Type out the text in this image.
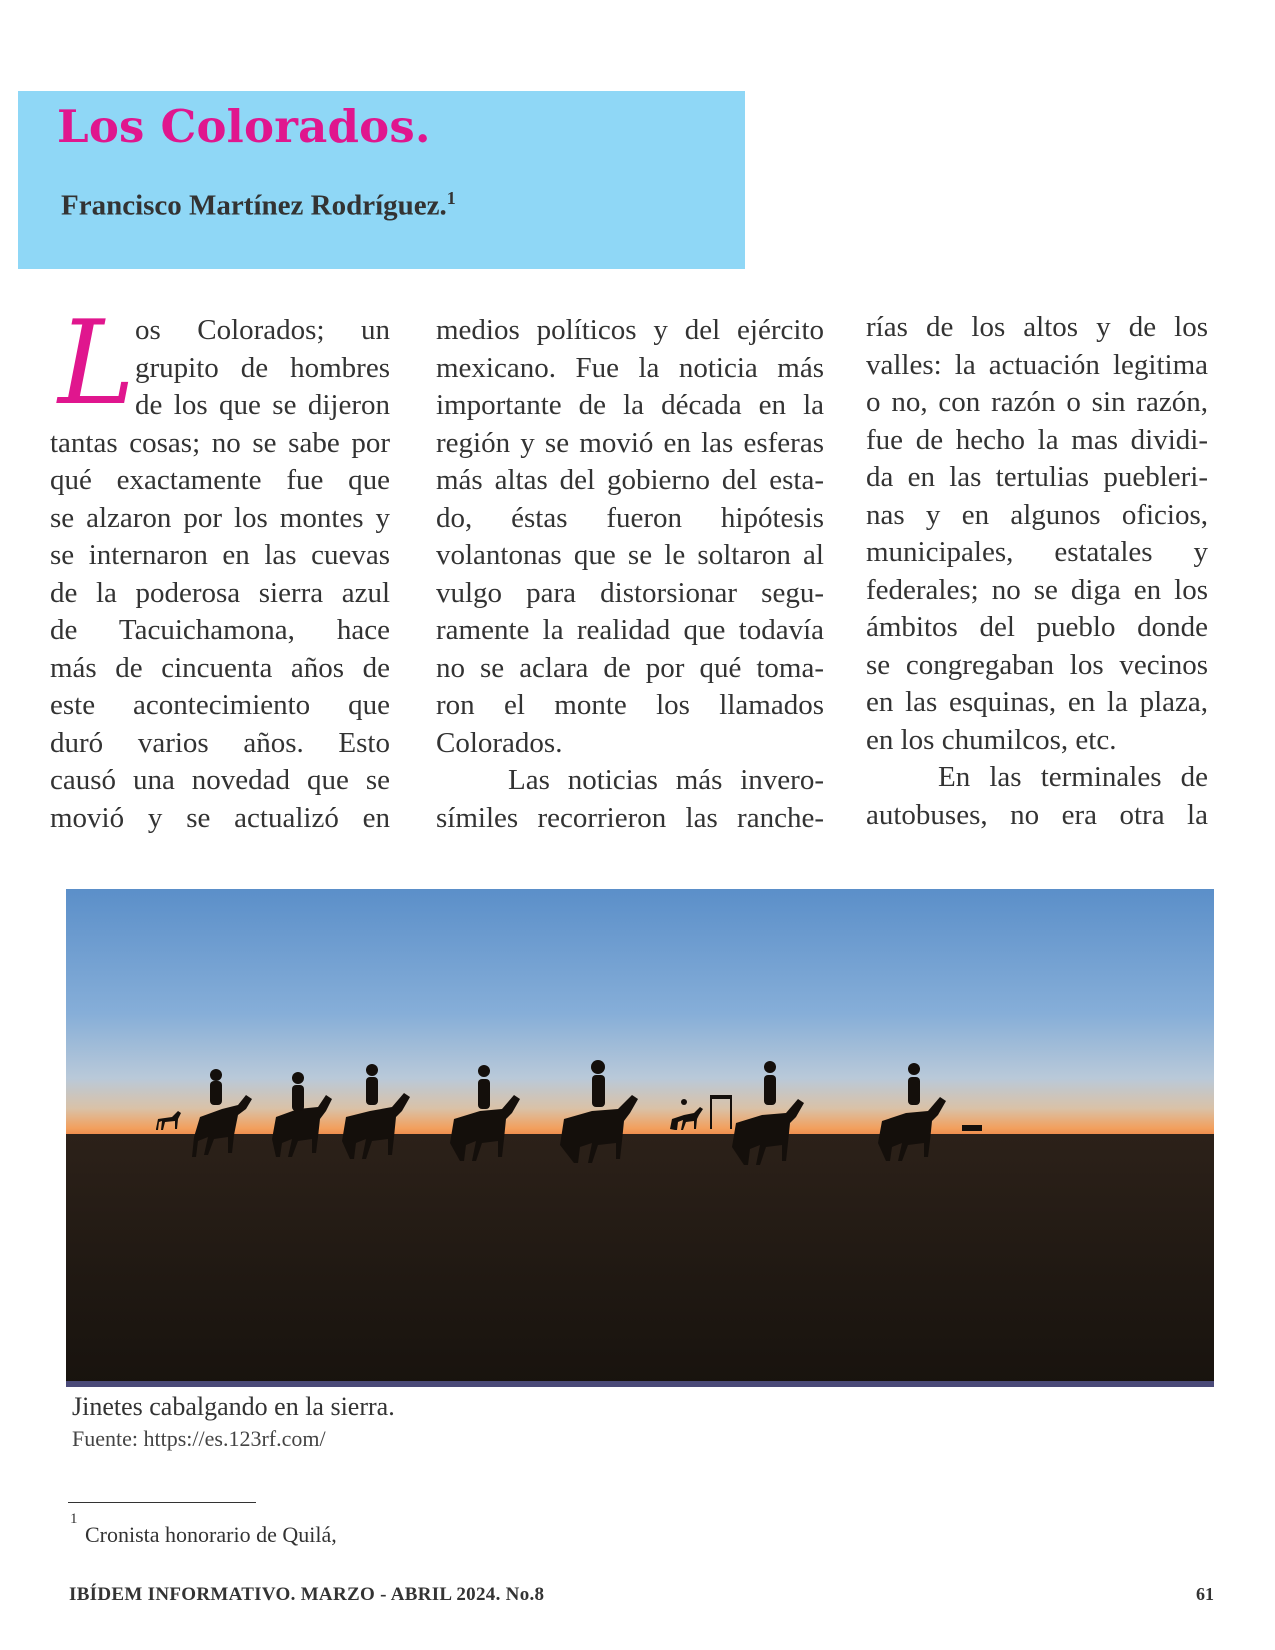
Los Colorados.

Francisco Martínez Rodríguez.$^1$

L os Colorados; un
grupito de hombres
de los que se dijeron
tantas cosas; no se sabe por
qué exactamente fue que
se alzaron por los montes y
se internaron en las cuevas
de la poderosa sierra azul
de Tacuichamona, hace
más de cincuenta años de
este acontecimiento que
duró varios años. Esto
causó una novedad que se
movió y se actualizó en
medios políticos y del ejército
mexicano. Fue la noticia más
importante de la década en la
región y se movió en las esferas
más altas del gobierno del esta-
do, éstas fueron hipótesis
volantonas que se le soltaron al
vulgo para distorsionar segu-
ramente la realidad que todavía
no se aclara de por qué toma-
ron el monte los llamados
Colorados.
Las noticias más invero-
símiles recorrieron las ranche-
rías de los altos y de los
valles: la actuación legitima
o no, con razón o sin razón,
fue de hecho la mas dividi-
da en las tertulias puebleri-
nas y en algunos oficios,
municipales, estatales y
federales; no se diga en los
ámbitos del pueblo donde
se congregaban los vecinos
en las esquinas, en la plaza,
en los chumilcos, etc.
En las terminales de
autobuses, no era otra la

Jinetes cabalgando en la sierra.

Fuente: https://es.123rf.com/

1

Cronista honorario de Quilá,

IBÍDEM INFORMATIVO. MARZO - ABRIL 2024. No.8	61
